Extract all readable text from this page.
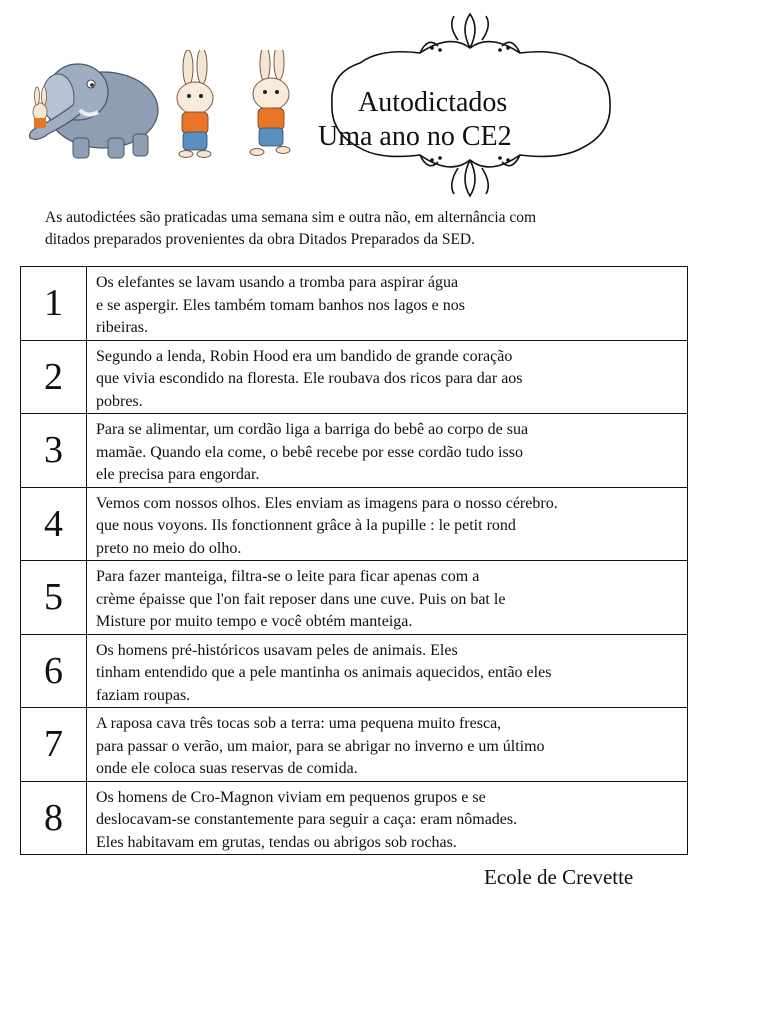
Autodictados
Uma ano no CE2
As autodictées são praticadas uma semana sim e outra não, em alternância com
ditados preparados provenientes da obra Ditados Preparados da SED.
1	Os elefantes se lavam usando a tromba para aspirar água
e se aspergir. Eles também tomam banhos nos lagos e nos
ribeiras.

2	Segundo a lenda, Robin Hood era um bandido de grande coração
que vivia escondido na floresta. Ele roubava dos ricos para dar aos
pobres.

3	Para se alimentar, um cordão liga a barriga do bebê ao corpo de sua
mamãe. Quando ela come, o bebê recebe por esse cordão tudo isso
ele precisa para engordar.

4	Vemos com nossos olhos. Eles enviam as imagens para o nosso cérebro.
que nous voyons. Ils fonctionnent grâce à la pupille : le petit rond
preto no meio do olho.

5	Para fazer manteiga, filtra-se o leite para ficar apenas com a
crème épaisse que l'on fait reposer dans une cuve. Puis on bat le
Misture por muito tempo e você obtém manteiga.

6	Os homens pré-históricos usavam peles de animais. Eles
tinham entendido que a pele mantinha os animais aquecidos, então eles
faziam roupas.

7	A raposa cava três tocas sob a terra: uma pequena muito fresca,
para passar o verão, um maior, para se abrigar no inverno e um último
onde ele coloca suas reservas de comida.

8	Os homens de Cro-Magnon viviam em pequenos grupos e se
deslocavam-se constantemente para seguir a caça: eram nômades.
Eles habitavam em grutas, tendas ou abrigos sob rochas.
Ecole de Crevette
